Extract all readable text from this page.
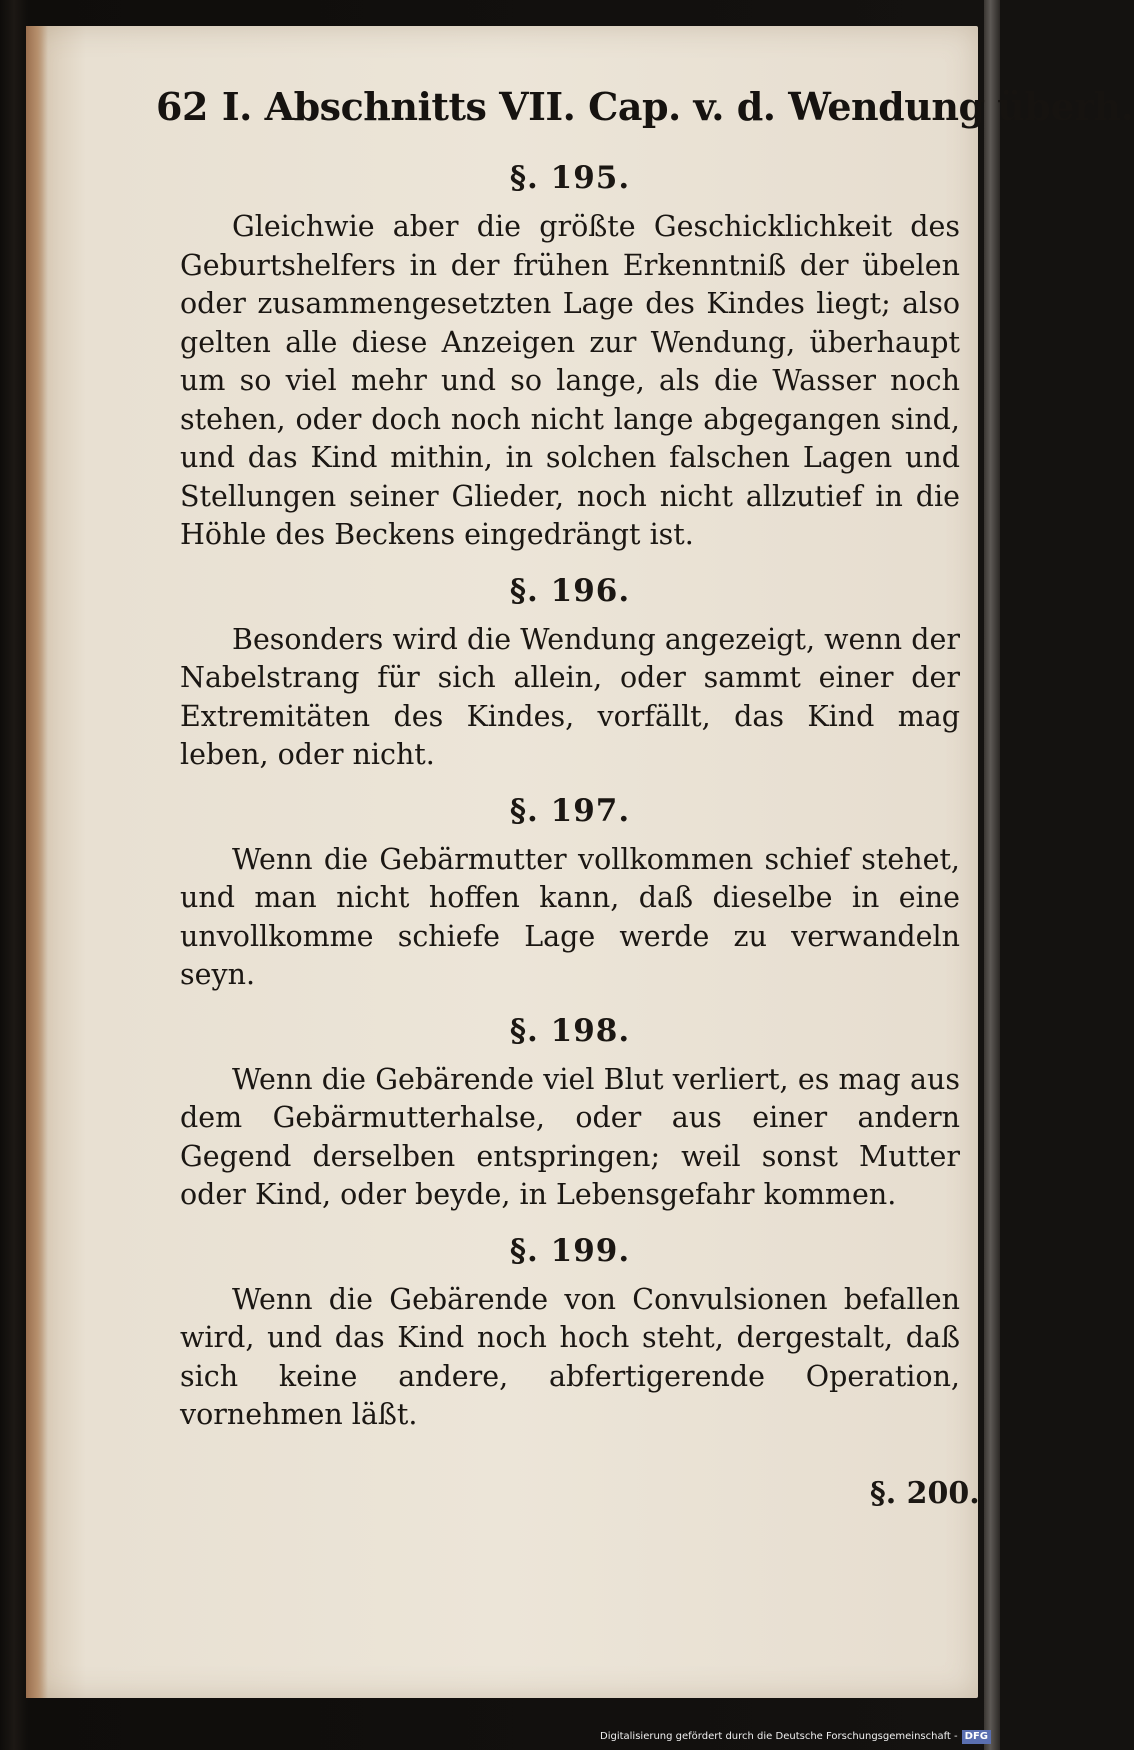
62 I. Abschnitts VII. Cap. v. d. Wendung überh.
§. 195.

Gleichwie aber die größte Geschicklichkeit des Geburtshelfers in der frühen Erkenntniß der übelen oder zusammengesetzten Lage des Kindes liegt; also gelten alle diese Anzeigen zur Wendung, überhaupt um so viel mehr und so lange, als die Wasser noch stehen, oder doch noch nicht lange abgegangen sind, und das Kind mithin, in solchen falschen Lagen und Stellungen seiner Glieder, noch nicht allzutief in die Höhle des Beckens eingedrängt ist.

§. 196.

Besonders wird die Wendung angezeigt, wenn der Nabelstrang für sich allein, oder sammt einer der Extremitäten des Kindes, vorfällt, das Kind mag leben, oder nicht.

§. 197.

Wenn die Gebärmutter vollkommen schief stehet, und man nicht hoffen kann, daß dieselbe in eine unvollkomme schiefe Lage werde zu verwandeln seyn.

§. 198.

Wenn die Gebärende viel Blut verliert, es mag aus dem Gebärmutterhalse, oder aus einer andern Gegend derselben entspringen; weil sonst Mutter oder Kind, oder beyde, in Lebensgefahr kommen.

§. 199.

Wenn die Gebärende von Convulsionen befallen wird, und das Kind noch hoch steht, dergestalt, daß sich keine andere, abfertigerende Operation, vornehmen läßt.

§. 200.
Digitalisierung gefördert durch die Deutsche Forschungsgemeinschaft - DFG
